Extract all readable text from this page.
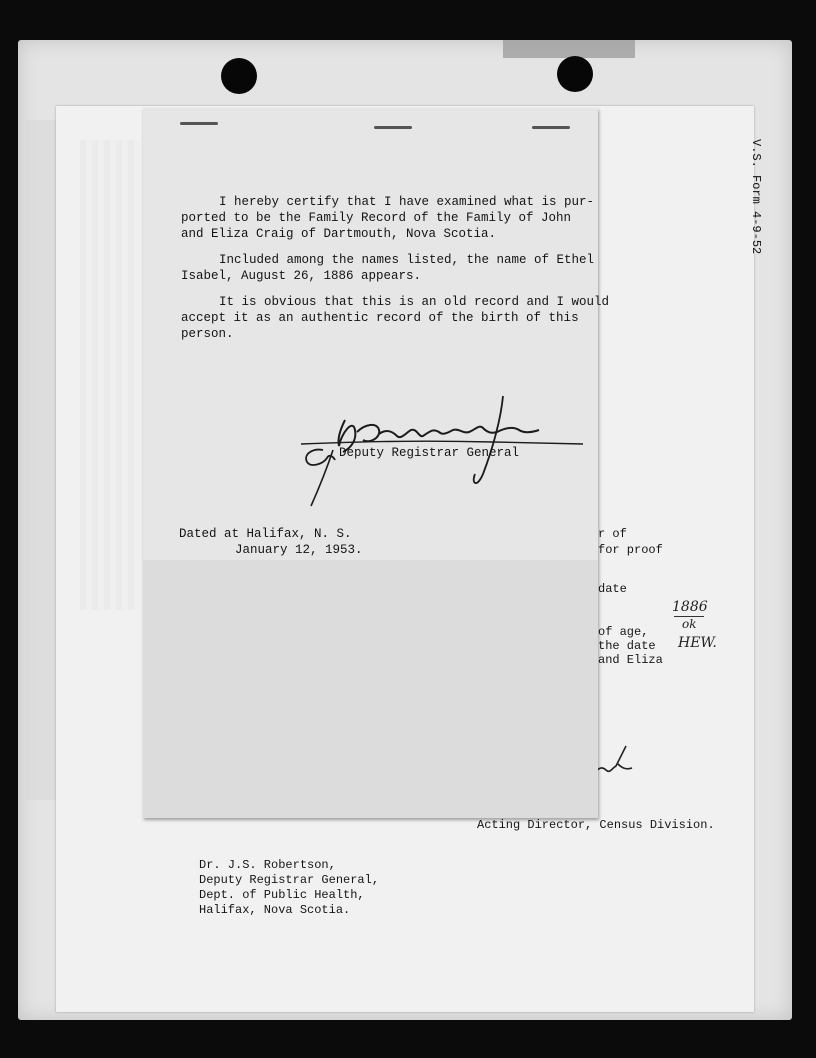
V.S. Form 4-9-52
r of
for proof
date
of age,
the date
and Eliza
1886
ok
HEW.
Acting Director, Census Division.
Dr. J.S. Robertson,
Deputy Registrar General,
Dept. of Public Health,
Halifax, Nova Scotia.
I hereby certify that I have examined what is pur-
ported to be the Family Record of the Family of John
and Eliza Craig of Dartmouth, Nova Scotia.
Included among the names listed, the name of Ethel
Isabel, August 26, 1886 appears.
It is obvious that this is an old record and I would
accept it as an authentic record of the birth of this
person.
Deputy Registrar General
Dated at Halifax, N. S.
January 12, 1953.
